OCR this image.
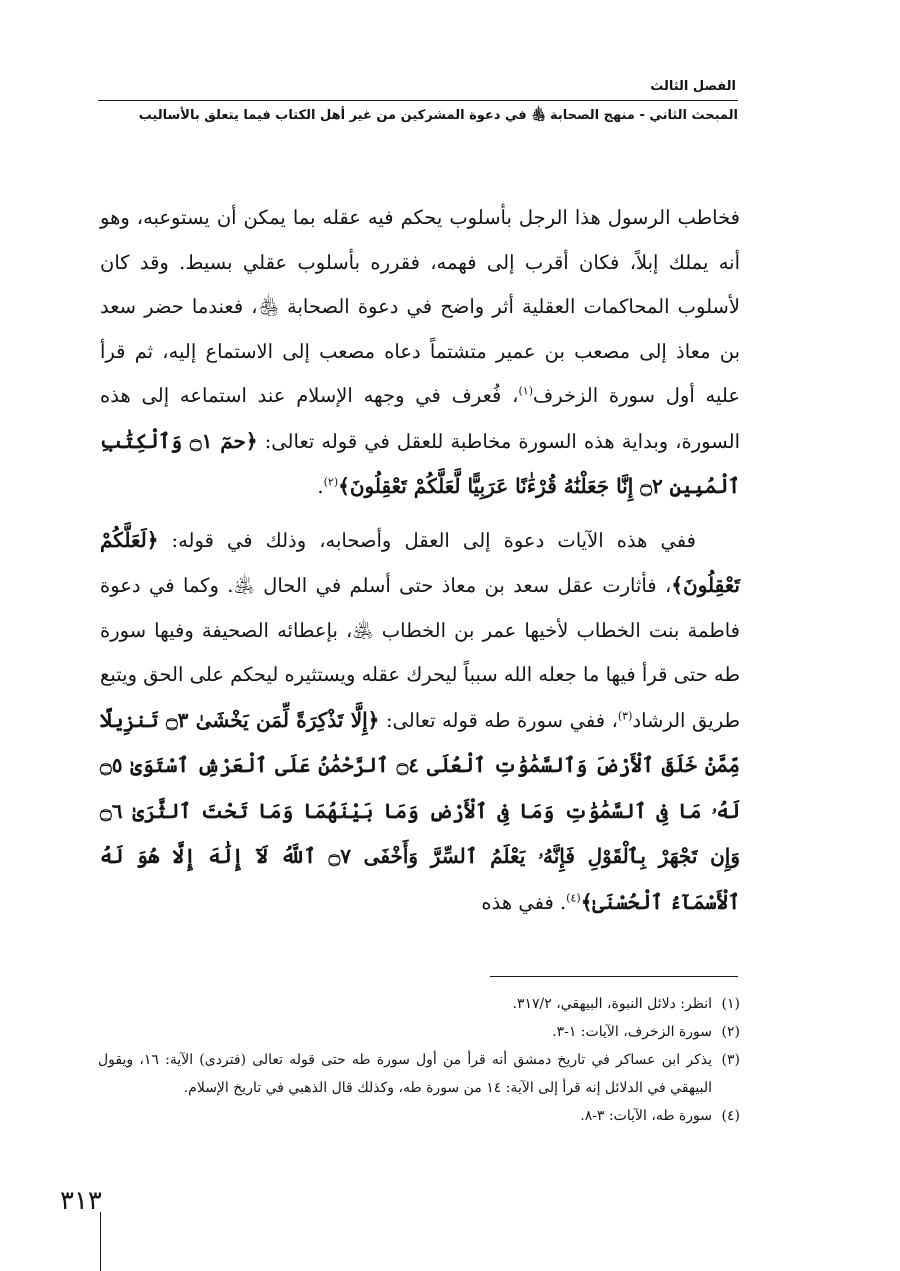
الفصل الثالث
المبحث الثاني - منهج الصحابة ﵃ في دعوة المشركين من غير أهل الكتاب فيما يتعلق بالأساليب

فخاطب الرسول هذا الرجل بأسلوب يحكم فيه عقله بما يمكن أن يستوعبه، وهو أنه يملك إبلاً، فكان أقرب إلى فهمه، فقرره بأسلوب عقلي بسيط. وقد كان لأسلوب المحاكمات العقلية أثر واضح في دعوة الصحابة ﵃، فعندما حضر سعد بن معاذ إلى مصعب بن عمير متشتماً دعاه مصعب إلى الاستماع إليه، ثم قرأ عليه أول سورة الزخرف$^{(١)}$، فُعرف في وجهه الإسلام عند استماعه إلى هذه السورة، وبداية هذه السورة مخاطبة للعقل في قوله تعالى: ﴿حمٓ ۝١ وَٱلْكِتَٰبِ ٱلْمُبِينِ ۝٢ إِنَّا جَعَلْنَٰهُ قُرْءَٰنًا عَرَبِيًّا لَّعَلَّكُمْ تَعْقِلُونَ﴾$^{(٢)}$.

ففي هذه الآيات دعوة إلى العقل وأصحابه، وذلك في قوله: ﴿لَعَلَّكُمْ تَعْقِلُونَ﴾، فأثارت عقل سعد بن معاذ حتى أسلم في الحال ﵁. وكما في دعوة فاطمة بنت الخطاب لأخيها عمر بن الخطاب ﵁، بإعطائه الصحيفة وفيها سورة طه حتى قرأ فيها ما جعله الله سبباً ليحرك عقله ويستثيره ليحكم على الحق ويتبع طريق الرشاد$^{(٣)}$، ففي سورة طه قوله تعالى: ﴿إِلَّا تَذْكِرَةً لِّمَن يَخْشَىٰ ۝٣ تَنزِيلًا مِّمَّنْ خَلَقَ ٱلْأَرْضَ وَٱلسَّمَٰوَٰتِ ٱلْعُلَى ۝٤ ٱلرَّحْمَٰنُ عَلَى ٱلْعَرْشِ ٱسْتَوَىٰ ۝٥ لَهُۥ مَا فِى ٱلسَّمَٰوَٰتِ وَمَا فِى ٱلْأَرْضِ وَمَا بَيْنَهُمَا وَمَا تَحْتَ ٱلثَّرَىٰ ۝٦ وَإِن تَجْهَرْ بِٱلْقَوْلِ فَإِنَّهُۥ يَعْلَمُ ٱلسِّرَّ وَأَخْفَى ۝٧ ٱللَّهُ لَآ إِلَٰهَ إِلَّا هُوَ لَهُ ٱلْأَسْمَآءُ ٱلْحُسْنَىٰ﴾$^{(٤)}$. ففي هذه

(١)
انظر: دلائل النبوة، البيهقي، ٣١٧/٢.
(٢)
سورة الزخرف، الآيات: ١-٣.
(٣)
يذكر ابن عساكر في تاريخ دمشق أنه قرأ من أول سورة طه حتى قوله تعالى (فتردى) الآية: ١٦، ويقول البيهقي في الدلائل إنه قرأ إلى الآية: ١٤ من سورة طه، وكذلك قال الذهبي في تاريخ الإسلام.
(٤)
سورة طه، الآيات: ٣-٨.
٣١٣
